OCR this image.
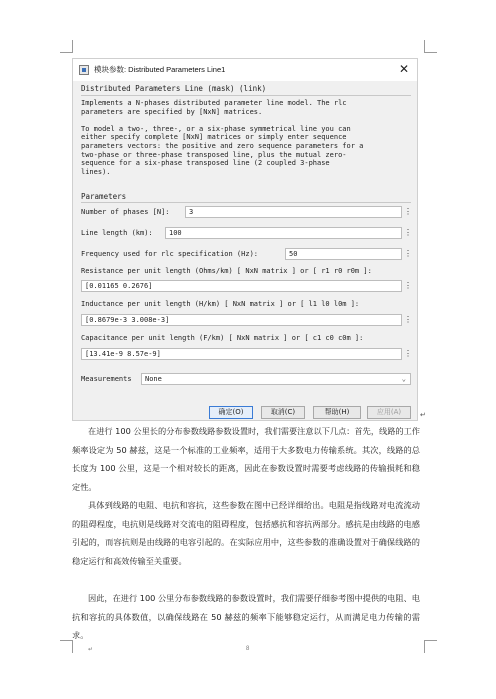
模块参数: Distributed Parameters Line1	✕
Distributed Parameters Line (mask) (link)
Implements a N-phases distributed parameter line model. The rlc
parameters are specified by [NxN] matrices.

To model a two-, three-, or a six-phase symmetrical line you can
either specify complete [NxN] matrices or simply enter sequence
parameters vectors: the positive and zero sequence parameters for a
two-phase or three-phase transposed line, plus the mutual zero-
sequence for a six-phase transposed line (2 coupled 3-phase
lines).
Parameters
Number of phases [N]:	3	⋮
Line length (km):	100	⋮
Frequency used for rlc specification (Hz):	50	⋮
Resistance per unit length (Ohms/km) [ NxN matrix ] or [ r1 r0 r0m ]:
[0.01165 0.2676]	⋮
Inductance per unit length (H/km) [ NxN matrix ] or [ l1 l0 l0m ]:
[0.8679e-3 3.008e-3]	⋮
Capacitance per unit length (F/km) [ NxN matrix ] or [ c1 c0 c0m ]:
[13.41e-9 8.57e-9]	⋮
Measurements	None	⌄
确定(O)	取消(C)	帮助(H)	应用(A)	↵
在进行 100 公里长的分布参数线路参数设置时，我们需要注意以下几点：首先，线路的工作频率设定为 50 赫兹，这是一个标准的工业频率，适用于大多数电力传输系统。其次，线路的总长度为 100 公里，这是一个相对较长的距离，因此在参数设置时需要考虑线路的传输损耗和稳定性。
具体到线路的电阻、电抗和容抗，这些参数在图中已经详细给出。电阻是指线路对电流流动的阻碍程度，电抗则是线路对交流电的阻碍程度，包括感抗和容抗两部分。感抗是由线路的电感引起的，而容抗则是由线路的电容引起的。在实际应用中，这些参数的准确设置对于确保线路的稳定运行和高效传输至关重要。
因此，在进行 100 公里分布参数线路的参数设置时，我们需要仔细参考图中提供的电阻、电抗和容抗的具体数值，以确保线路在 50 赫兹的频率下能够稳定运行，从而满足电力传输的需求。
↵	8
